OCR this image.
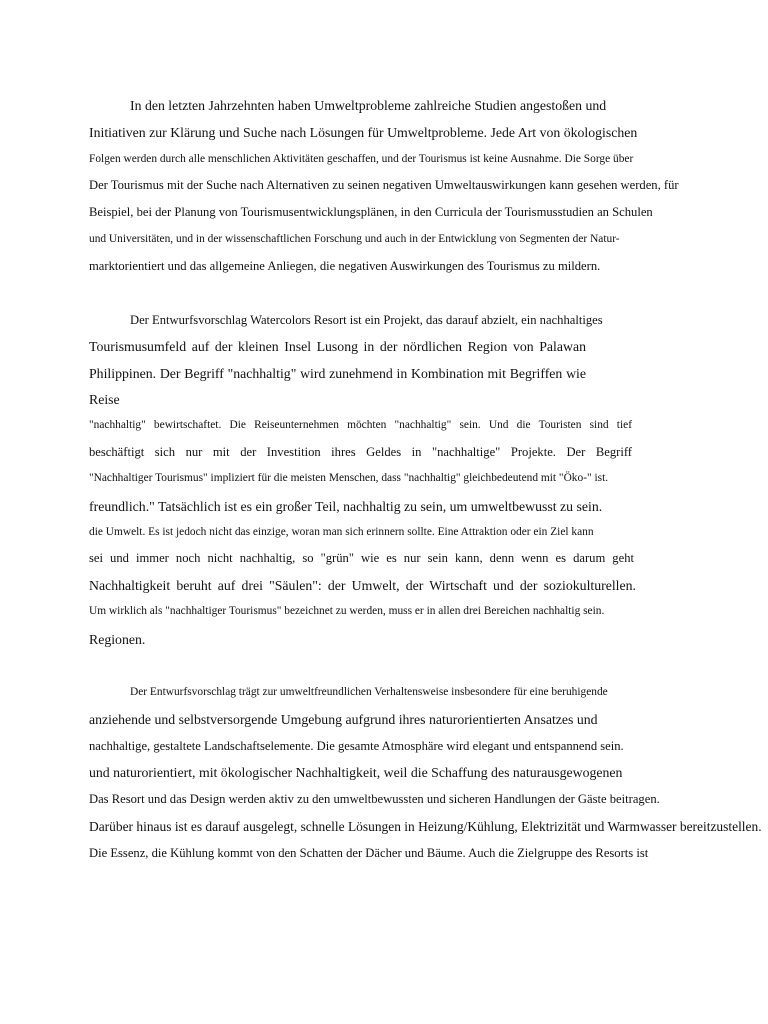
In den letzten Jahrzehnten haben Umweltprobleme zahlreiche Studien angestoßen und
Initiativen zur Klärung und Suche nach Lösungen für Umweltprobleme. Jede Art von ökologischen
Folgen werden durch alle menschlichen Aktivitäten geschaffen, und der Tourismus ist keine Ausnahme. Die Sorge über
Der Tourismus mit der Suche nach Alternativen zu seinen negativen Umweltauswirkungen kann gesehen werden, für
Beispiel, bei der Planung von Tourismusentwicklungsplänen, in den Curricula der Tourismusstudien an Schulen
und Universitäten, und in der wissenschaftlichen Forschung und auch in der Entwicklung von Segmenten der Natur-
marktorientiert und das allgemeine Anliegen, die negativen Auswirkungen des Tourismus zu mildern.
Der Entwurfsvorschlag Watercolors Resort ist ein Projekt, das darauf abzielt, ein nachhaltiges
Tourismusumfeld auf der kleinen Insel Lusong in der nördlichen Region von Palawan
Philippinen. Der Begriff "nachhaltig" wird zunehmend in Kombination mit Begriffen wie
Reise
"nachhaltig" bewirtschaftet. Die Reiseunternehmen möchten "nachhaltig" sein. Und die Touristen sind tief
beschäftigt sich nur mit der Investition ihres Geldes in "nachhaltige" Projekte. Der Begriff
"Nachhaltiger Tourismus" impliziert für die meisten Menschen, dass "nachhaltig" gleichbedeutend mit "Öko-" ist.
freundlich." Tatsächlich ist es ein großer Teil, nachhaltig zu sein, um umweltbewusst zu sein.
die Umwelt. Es ist jedoch nicht das einzige, woran man sich erinnern sollte. Eine Attraktion oder ein Ziel kann
sei und immer noch nicht nachhaltig, so "grün" wie es nur sein kann, denn wenn es darum geht
Nachhaltigkeit beruht auf drei "Säulen": der Umwelt, der Wirtschaft und der soziokulturellen.
Um wirklich als "nachhaltiger Tourismus" bezeichnet zu werden, muss er in allen drei Bereichen nachhaltig sein.
Regionen.
Der Entwurfsvorschlag trägt zur umweltfreundlichen Verhaltensweise insbesondere für eine beruhigende
anziehende und selbstversorgende Umgebung aufgrund ihres naturorientierten Ansatzes und
nachhaltige, gestaltete Landschaftselemente. Die gesamte Atmosphäre wird elegant und entspannend sein.
und naturorientiert, mit ökologischer Nachhaltigkeit, weil die Schaffung des naturausgewogenen
Das Resort und das Design werden aktiv zu den umweltbewussten und sicheren Handlungen der Gäste beitragen.
Darüber hinaus ist es darauf ausgelegt, schnelle Lösungen in Heizung/Kühlung, Elektrizität und Warmwasser bereitzustellen.
Die Essenz, die Kühlung kommt von den Schatten der Dächer und Bäume. Auch die Zielgruppe des Resorts ist
